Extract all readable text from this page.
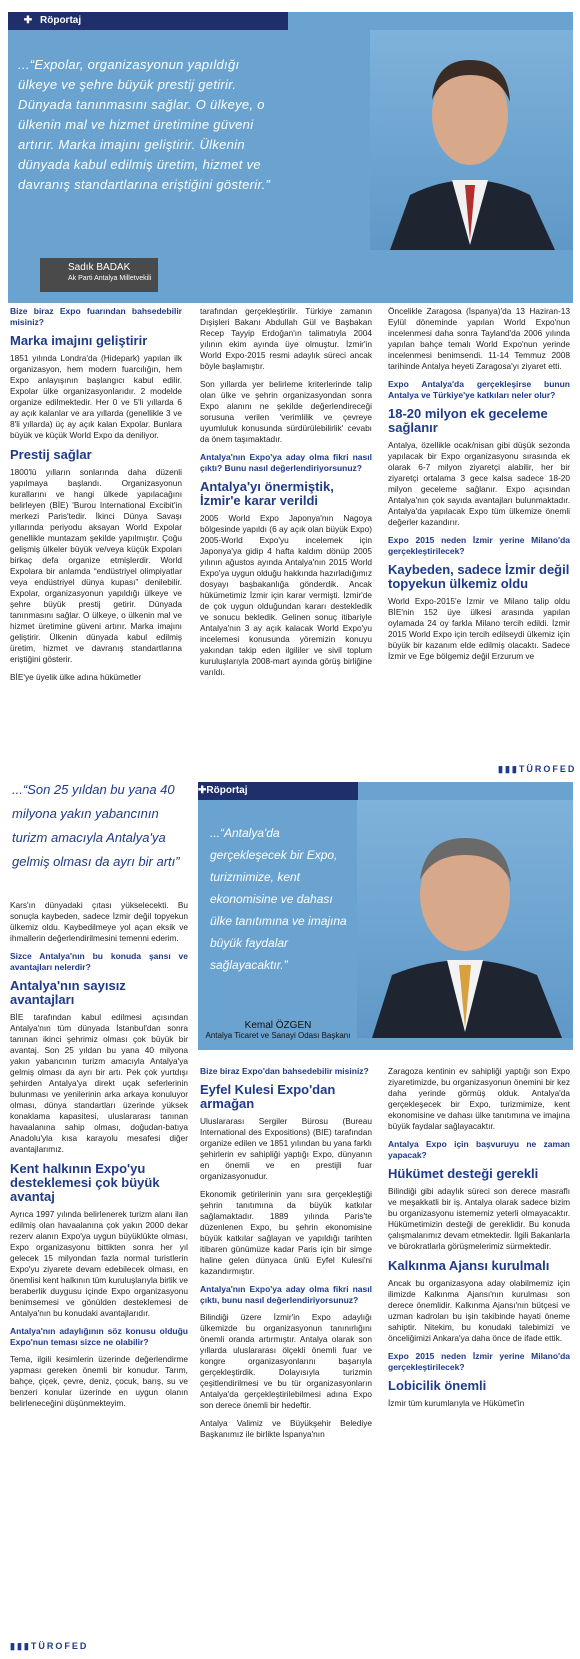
✚ Röportaj
...“Expolar, organizasyonun yapıldığı ülkeye ve şehre büyük prestij getirir. Dünyada tanınmasını sağlar. O ülkeye, o ülkenin mal ve hizmet üretimine güveni artırır. Marka imajını geliştirir. Ülkenin dünyada kabul edilmiş üretim, hizmet ve davranış standartlarına eriştiğini gösterir.”
Sadık BADAK
Ak Parti Antalya Milletvekili

Bize biraz Expo fuarından bahsedebilir misiniz?

Marka imajını geliştirir

1851 yılında Londra'da (Hidepark) yapılan ilk organizasyon, hem modern fuarcılığın, hem Expo anlayışının başlangıcı kabul edilir. Expolar ülke organizasyonlarıdır. 2 modelde organize edilmektedir. Her 0 ve 5'li yıllarda 6 ay açık kalanlar ve ara yıllarda (genellikle 3 ve 8'li yıllarda) üç ay açık kalan Expolar. Bunlara büyük ve küçük World Expo da deniliyor.

Prestij sağlar

1800'lü yılların sonlarında daha düzenli yapılmaya başlandı. Organizasyonun kurallarını ve hangi ülkede yapılacağını belirleyen (BİE) 'Burou International Excibit'in merkezi Paris'tedir. İkinci Dünya Savaşı yıllarında periyodu aksayan World Expolar genellikle muntazam şekilde yapılmıştır. Çoğu gelişmiş ülkeler büyük ve/veya küçük Expoları birkaç defa organize etmişlerdir. World Expolara bir anlamda “endüstriyel olimpiyatlar veya endüstriyel dünya kupası” denilebilir. Expolar, organizasyonun yapıldığı ülkeye ve şehre büyük prestij getirir. Dünyada tanınmasını sağlar. O ülkeye, o ülkenin mal ve hizmet üretimine güveni artırır. Marka imajını geliştirir. Ülkenin dünyada kabul edilmiş üretim, hizmet ve davranış standartlarına eriştiğini gösterir.

BİE'ye üyelik ülke adına hükümetler

tarafından gerçekleştirilir. Türkiye zamanın Dışişleri Bakanı Abdullah Gül ve Başbakan Recep Tayyip Erdoğan'ın talimatıyla 2004 yılının ekim ayında üye olmuştur. İzmir'in World Expo-2015 resmi adaylık süreci ancak böyle başlamıştır.

Son yıllarda yer belirleme kriterlerinde talip olan ülke ve şehrin organizasyondan sonra Expo alanını ne şekilde değerlendireceği sorusuna verilen 'verimlilik ve çevreye uyumluluk konusunda sürdürülebilirlik' cevabı da önem taşımaktadır.

Antalya'nın Expo'ya aday olma fikri nasıl çıktı? Bunu nasıl değerlendiriyorsunuz?

Antalya'yı önermiştik, İzmir'e karar verildi

2005 World Expo Japonya'nın Nagoya bölgesinde yapıldı (6 ay açık olan büyük Expo) 2005-World Expo'yu incelemek için Japonya'ya gidip 4 hafta kaldım dönüp 2005 yılının ağustos ayında Antalya'nın 2015 World Expo'ya uygun olduğu hakkında hazırladığımız dosyayı başbakanlığa gönderdik. Ancak hükümetimiz İzmir için karar vermişti. İzmir'de de çok uygun olduğundan kararı destekledik ve sonucu bekledik. Gelinen sonuç itibariyle Antalya'nın 3 ay açık kalacak World Expo'yu incelemesi konusunda yöremizin konuyu yakından takip eden ilgililer ve sivil toplum kuruluşlarıyla 2008-mart ayında görüş birliğine varıldı.

Öncelikle Zaragosa (İspanya)'da 13 Haziran-13 Eylül döneminde yapılan World Expo'nun incelenmesi daha sonra Tayland'da 2006 yılında yapılan bahçe temalı World Expo'nun yerinde incelenmesi benimsendi. 11-14 Temmuz 2008 tarihinde Antalya heyeti Zaragosa'yı ziyaret etti.

Expo Antalya'da gerçekleşirse bunun Antalya ve Türkiye'ye katkıları neler olur?

18-20 milyon ek geceleme sağlanır

Antalya, özellikle ocak/nisan gibi düşük sezonda yapılacak bir Expo organizasyonu sırasında ek olarak 6-7 milyon ziyaretçi alabilir, her bir ziyaretçi ortalama 3 gece kalsa sadece 18-20 milyon geceleme sağlanır. Expo açısından Antalya'nın çok sayıda avantajları bulunmaktadır. Antalya'da yapılacak Expo tüm ülkemize önemli değerler kazandırır.

Expo 2015 neden İzmir yerine Milano'da gerçekleştirilecek?

Kaybeden, sadece İzmir değil topyekun ülkemiz oldu

World Expo-2015'e İzmir ve Milano talip oldu BİE'nin 152 üye ülkesi arasında yapılan oylamada 24 oy farkla Milano tercih edildi. İzmir 2015 World Expo için tercih edilseydi ülkemiz için büyük bir kazanım elde edilmiş olacaktı. Sadece İzmir ve Ege bölgemiz değil Erzurum ve

▮▮▮TÜROFED
...“Son 25 yıldan bu yana 40 milyona yakın yabancının turizm amacıyla Antalya'ya gelmiş olması da ayrı bir artı”
✚Röportaj
...“Antalya'da gerçekleşecek bir Expo, turizmimize, kent ekonomisine ve dahası ülke tanıtımına ve imajına büyük faydalar sağlayacaktır.”
Kemal ÖZGEN
Antalya Ticaret ve Sanayi Odası Başkanı

Kars'ın dünyadaki çıtası yükselecekti. Bu sonuçla kaybeden, sadece İzmir değil topyekun ülkemiz oldu. Kaybedilmeye yol açan eksik ve ihmallerin değerlendirilmesini temenni ederim.

Sizce Antalya'nın bu konuda şansı ve avantajları nelerdir?

Antalya'nın sayısız avantajları

BİE tarafından kabul edilmesi açısından Antalya'nın tüm dünyada İstanbul'dan sonra tanınan ikinci şehrimiz olması çok büyük bir avantaj. Son 25 yıldan bu yana 40 milyona yakın yabancının turizm amacıyla Antalya'ya gelmiş olması da ayrı bir artı. Pek çok yurtdışı şehirden Antalya'ya direkt uçak seferlerinin bulunması ve yenilerinin arka arkaya konuluyor olması, dünya standartları üzerinde yüksek konaklama kapasitesi, uluslararası tanınan havaalanına sahip olması, doğudan-batıya Anadolu'yla kısa karayolu mesafesi diğer avantajlarımız.

Kent halkının Expo'yu desteklemesi çok büyük avantaj

Ayrıca 1997 yılında belirlenerek turizm alanı ilan edilmiş olan havaalanına çok yakın 2000 dekar rezerv alanın Expo'ya uygun büyüklükte olması, Expo organizasyonu bittikten sonra her yıl gelecek 15 milyondan fazla normal turistlerin Expo'yu ziyarete devam edebilecek olması, en önemlisi kent halkının tüm kuruluşlarıyla birlik ve beraberlik duygusu içinde Expo organizasyonu benimsemesi ve gönülden desteklemesi de Antalya'nın bu konudaki avantajlarıdır.

Antalya'nın adaylığının söz konusu olduğu Expo'nun teması sizce ne olabilir?

Tema, ilgili kesimlerin üzerinde değerlendirme yapması gereken önemli bir konudur. Tarım, bahçe, çiçek, çevre, deniz, çocuk, barış, su ve benzeri konular üzerinde en uygun olanın belirleneceğini düşünmekteyim.

Bize biraz Expo'dan bahsedebilir misiniz?

Eyfel Kulesi Expo'dan armağan

Uluslararası Sergiler Bürosu (Bureau International des Expositions) (BIE) tarafından organize edilen ve 1851 yılından bu yana farklı şehirlerin ev sahipliği yaptığı Expo, dünyanın en önemli ve en prestijli fuar organizasyonudur.

Ekonomik getirilerinin yanı sıra gerçekleştiği şehrin tanıtımına da büyük katkılar sağlamaktadır. 1889 yılında Paris'te düzenlenen Expo, bu şehrin ekonomisine büyük katkılar sağlayan ve yapıldığı tarihten itibaren günümüze kadar Paris için bir simge haline gelen dünyaca ünlü Eyfel Kulesi'ni kazandırmıştır.

Antalya'nın Expo'ya aday olma fikri nasıl çıktı, bunu nasıl değerlendiriyorsunuz?

Bilindiği üzere İzmir'in Expo adaylığı ülkemizde bu organizasyonun tanınırlığını önemli oranda artırmıştır. Antalya olarak son yıllarda uluslararası ölçekli önemli fuar ve kongre organizasyonlarını başarıyla gerçekleştirdik. Dolayısıyla turizmin çeşitlendirilmesi ve bu tür organizasyonların Antalya'da gerçekleştirilebilmesi adına Expo son derece önemli bir hedeftir.

Antalya Valimiz ve Büyükşehir Belediye Başkanımız ile birlikte İspanya'nın

Zaragoza kentinin ev sahipliği yaptığı son Expo ziyaretimizde, bu organizasyonun önemini bir kez daha yerinde görmüş olduk. Antalya'da gerçekleşecek bir Expo, turizmimize, kent ekonomisine ve dahası ülke tanıtımına ve imajına büyük faydalar sağlayacaktır.

Antalya Expo için başvuruyu ne zaman yapacak?

Hükümet desteği gerekli

Bilindiği gibi adaylık süreci son derece masraflı ve meşakkatli bir iş. Antalya olarak sadece bizim bu organizasyonu istememiz yeterli olmayacaktır. Hükümetimizin desteği de gereklidir. Bu konuda çalışmalarımız devam etmektedir. İlgili Bakanlarla ve bürokratlarla görüşmelerimiz sürmektedir.

Kalkınma Ajansı kurulmalı

Ancak bu organizasyona aday olabilmemiz için ilimizde Kalkınma Ajansı'nın kurulması son derece önemlidir. Kalkınma Ajansı'nın bütçesi ve uzman kadroları bu işin takibinde hayati öneme sahiptir. Nitekim, bu konudaki talebimizi ve önceliğimizi Ankara'ya daha önce de ifade ettik.

Expo 2015 neden İzmir yerine Milano'da gerçekleştirilecek?

Lobicilik önemli

İzmir tüm kurumlarıyla ve Hükümet'in

▮▮▮TÜROFED
